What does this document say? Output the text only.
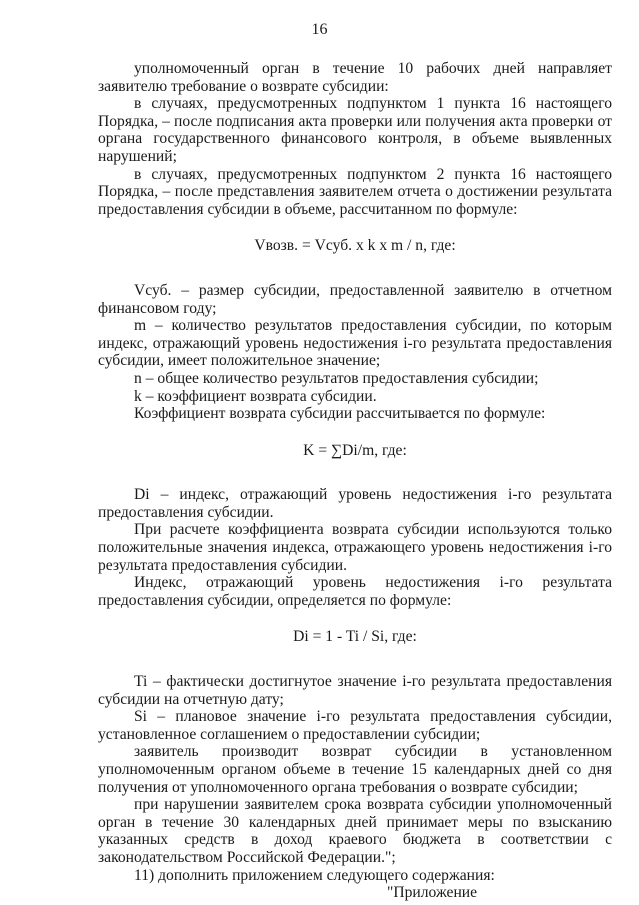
16

уполномоченный орган в течение 10 рабочих дней направляет заявителю требование о возврате субсидии:

в случаях, предусмотренных подпунктом 1 пункта 16 настоящего Порядка, – после подписания акта проверки или получения акта проверки от органа государственного финансового контроля, в объеме выявленных нарушений;

в случаях, предусмотренных подпунктом 2 пункта 16 настоящего Порядка, – после представления заявителем отчета о достижении результата предоставления субсидии в объеме, рассчитанном по формуле:

Vвозв. = Vсуб. x k x m / n, где:

Vсуб. – размер субсидии, предоставленной заявителю в отчетном финансовом году;

m – количество результатов предоставления субсидии, по которым индекс, отражающий уровень недостижения i-го результата предоставления субсидии, имеет положительное значение;

n – общее количество результатов предоставления субсидии;

k – коэффициент возврата субсидии.

Коэффициент возврата субсидии рассчитывается по формуле:

K = ∑Di/m, где:

Di – индекс, отражающий уровень недостижения i-го результата предоставления субсидии.

При расчете коэффициента возврата субсидии используются только положительные значения индекса, отражающего уровень недостижения i-го результата предоставления субсидии.

Индекс, отражающий уровень недостижения i-го результата предоставления субсидии, определяется по формуле:

Di = 1 - Ti / Si, где:

Ti – фактически достигнутое значение i-го результата предоставления субсидии на отчетную дату;

Si – плановое значение i-го результата предоставления субсидии, установленное соглашением о предоставлении субсидии;

заявитель производит возврат субсидии в установленном уполномоченным органом объеме в течение 15 календарных дней со дня получения от уполномоченного органа требования о возврате субсидии;

при нарушении заявителем срока возврата субсидии уполномоченный орган в течение 30 календарных дней принимает меры по взысканию указанных средств в доход краевого бюджета в соответствии с законодательством Российской Федерации.";

11) дополнить приложением следующего содержания:

"Приложение
